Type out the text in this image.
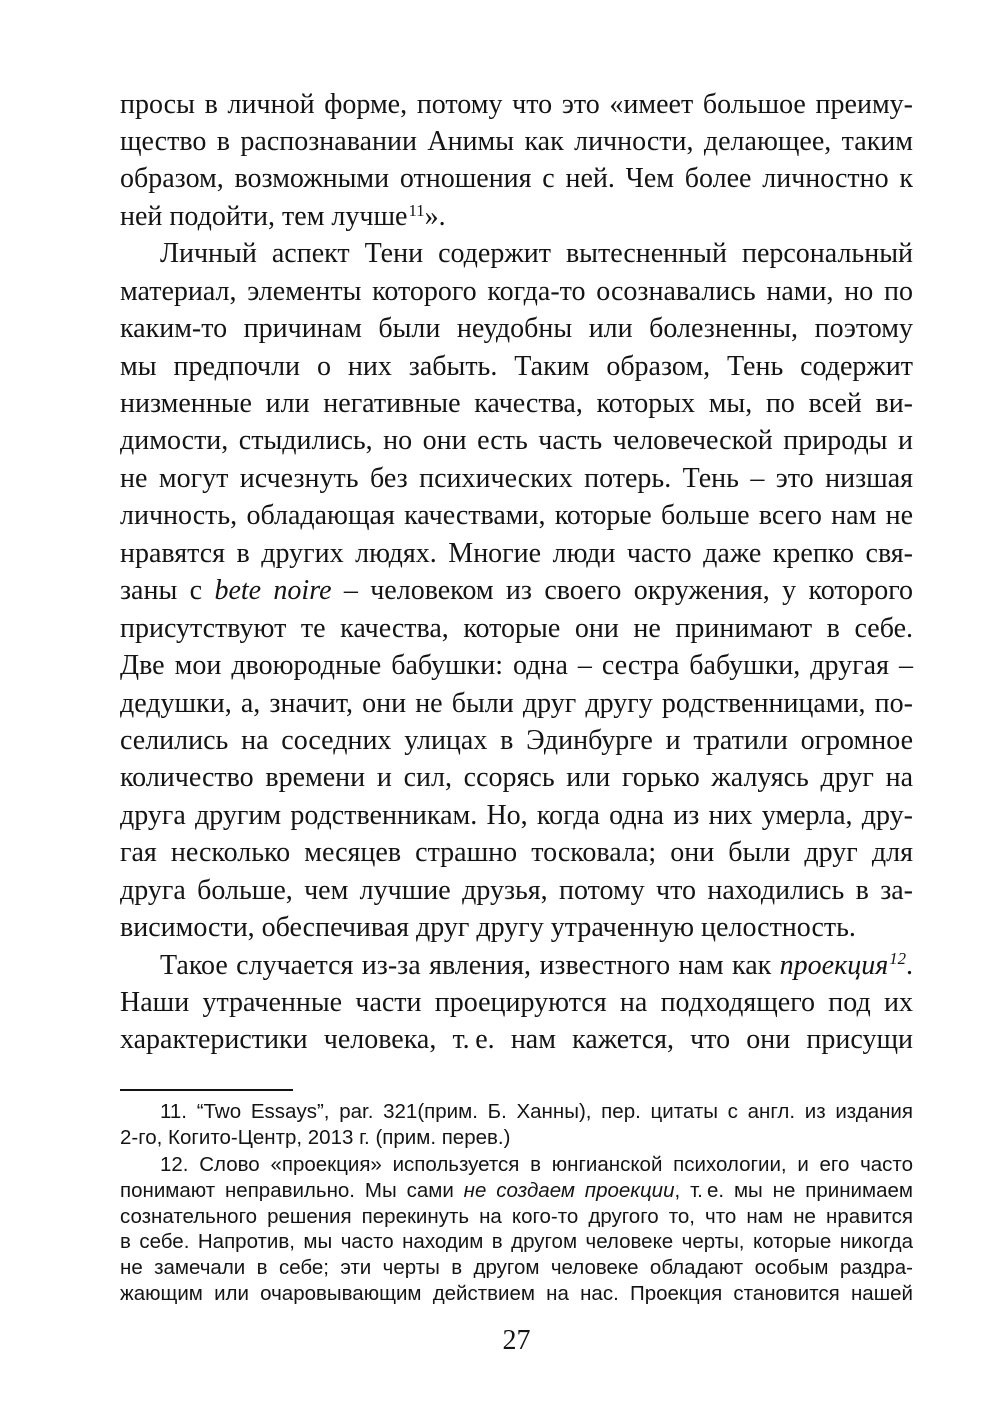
просы в личной форме, потому что это «имеет большое преиму-
щество в распознавании Анимы как личности, делающее, таким
образом, возможными отношения с ней. Чем более личностно к
ней подойти, тем лучше$^{11}$».
Личный аспект Тени содержит вытесненный персональный
материал, элементы которого когда-то осознавались нами, но по
каким-то причинам были неудобны или болезненны, поэтому
мы предпочли о них забыть. Таким образом, Тень содержит
низменные или негативные качества, которых мы, по всей ви-
димости, стыдились, но они есть часть человеческой природы и
не могут исчезнуть без психических потерь. Тень – это низшая
личность, обладающая качествами, которые больше всего нам не
нравятся в других людях. Многие люди часто даже крепко свя-
заны с bete noire – человеком из своего окружения, у которого
присутствуют те качества, которые они не принимают в себе.
Две мои двоюродные бабушки: одна – сестра бабушки, другая –
дедушки, а, значит, они не были друг другу родственницами, по-
селились на соседних улицах в Эдинбурге и тратили огромное
количество времени и сил, ссорясь или горько жалуясь друг на
друга другим родственникам. Но, когда одна из них умерла, дру-
гая несколько месяцев страшно тосковала; они были друг для
друга больше, чем лучшие друзья, потому что находились в за-
висимости, обеспечивая друг другу утраченную целостность.
Такое случается из-за явления, известного нам как проекция$^{12}$.
Наши утраченные части проецируются на подходящего под их
характеристики человека, т. е. нам кажется, что они присущи
11. “Two Essays”, par. 321(прим. Б. Ханны), пер. цитаты с англ. из издания
2-го, Когито-Центр, 2013 г. (прим. перев.)
12. Слово «проекция» используется в юнгианской психологии, и его часто
понимают неправильно. Мы сами не создаем проекции, т. е. мы не принимаем
сознательного решения перекинуть на кого-то другого то, что нам не нравится
в себе. Напротив, мы часто находим в другом человеке черты, которые никогда
не замечали в себе; эти черты в другом человеке обладают особым раздра-
жающим или очаровывающим действием на нас. Проекция становится нашей
27
